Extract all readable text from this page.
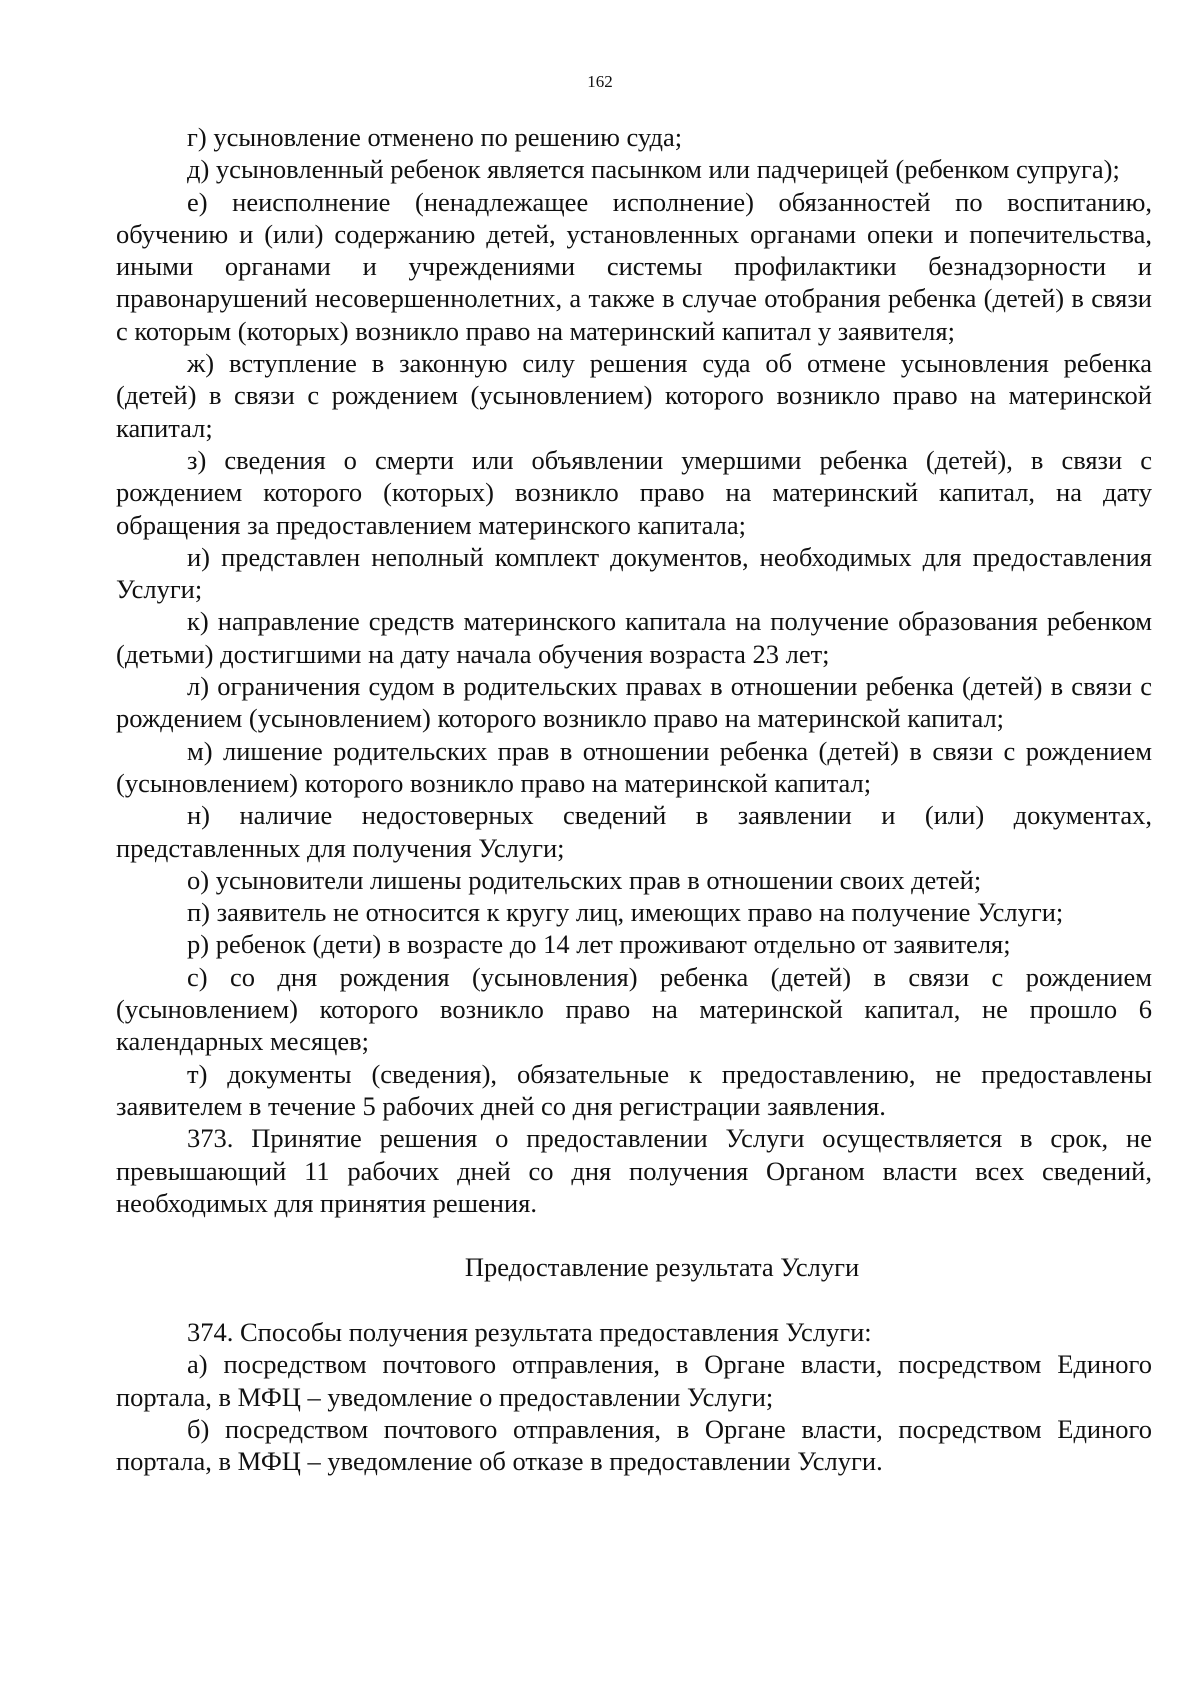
162

г) усыновление отменено по решению суда;

д) усыновленный ребенок является пасынком или падчерицей (ребенком супруга);

е) неисполнение (ненадлежащее исполнение) обязанностей по воспитанию, обучению и (или) содержанию детей, установленных органами опеки и попечительства, иными органами и учреждениями системы профилактики безнадзорности и правонарушений несовершеннолетних, а также в случае отобрания ребенка (детей) в связи с которым (которых) возникло право на материнский капитал у заявителя;

ж) вступление в законную силу решения суда об отмене усыновления ребенка (детей) в связи с рождением (усыновлением) которого возникло право на материнской капитал;

з) сведения о смерти или объявлении умершими ребенка (детей), в связи с рождением которого (которых) возникло право на материнский капитал, на дату обращения за предоставлением материнского капитала;

и) представлен неполный комплект документов, необходимых для предоставления Услуги;

к) направление средств материнского капитала на получение образования ребенком (детьми) достигшими на дату начала обучения возраста 23 лет;

л) ограничения судом в родительских правах в отношении ребенка (детей) в связи с рождением (усыновлением) которого возникло право на материнской капитал;

м) лишение родительских прав в отношении ребенка (детей) в связи с рождением (усыновлением) которого возникло право на материнской капитал;

н) наличие недостоверных сведений в заявлении и (или) документах, представленных для получения Услуги;

о) усыновители лишены родительских прав в отношении своих детей;

п) заявитель не относится к кругу лиц, имеющих право на получение Услуги;

р) ребенок (дети) в возрасте до 14 лет проживают отдельно от заявителя;

с) со дня рождения (усыновления) ребенка (детей) в связи с рождением (усыновлением) которого возникло право на материнской капитал, не прошло 6 календарных месяцев;

т) документы (сведения), обязательные к предоставлению, не предоставлены заявителем в течение 5 рабочих дней со дня регистрации заявления.

373. Принятие решения о предоставлении Услуги осуществляется в срок, не превышающий 11 рабочих дней со дня получения Органом власти всех сведений, необходимых для принятия решения.

Предоставление результата Услуги

374. Способы получения результата предоставления Услуги:

а) посредством почтового отправления, в Органе власти, посредством Единого портала, в МФЦ – уведомление о предоставлении Услуги;

б) посредством почтового отправления, в Органе власти, посредством Единого портала, в МФЦ – уведомление об отказе в предоставлении Услуги.
